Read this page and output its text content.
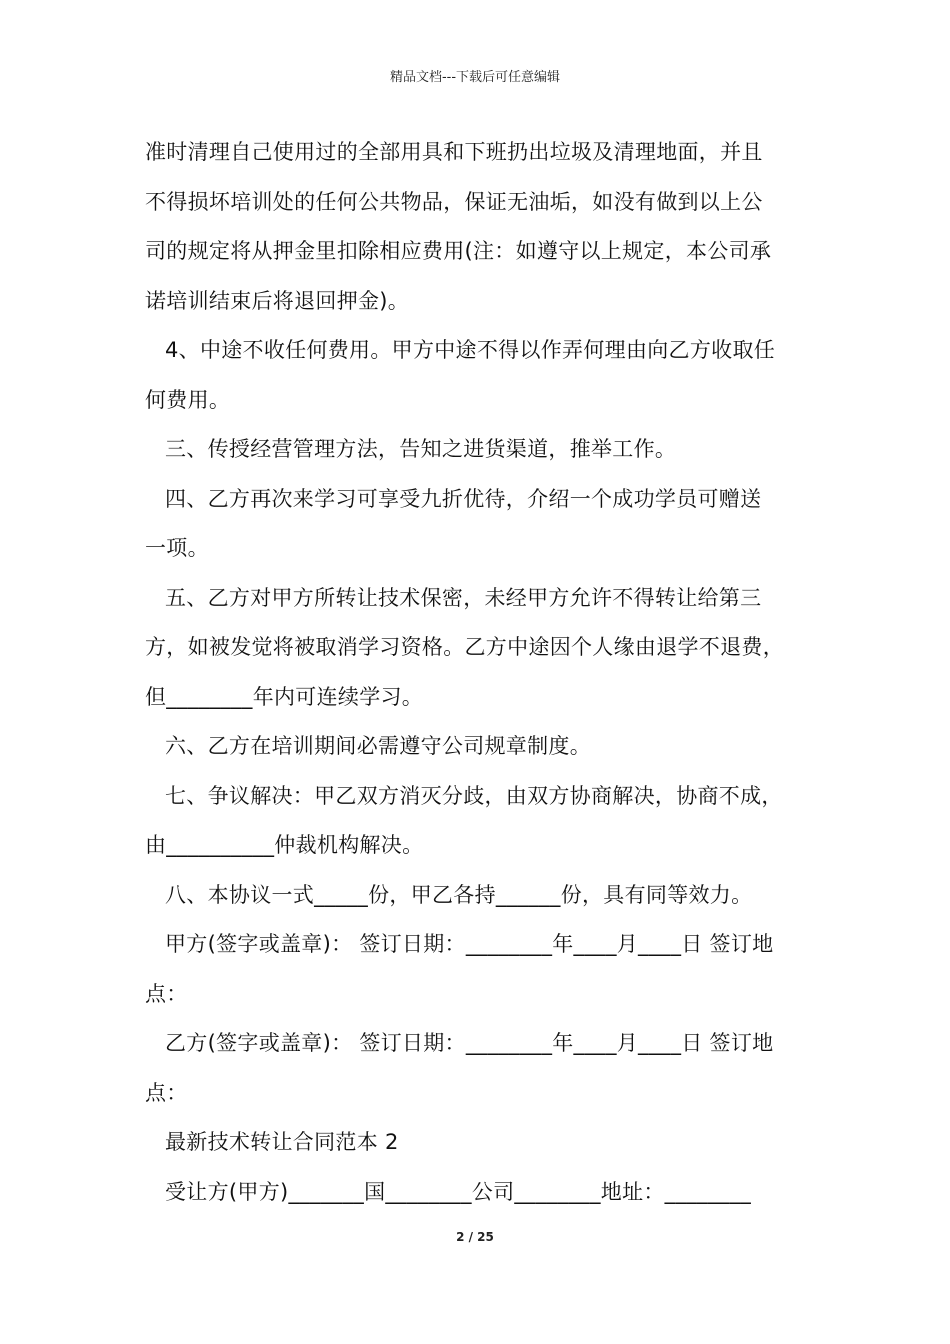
精品文档---下载后可任意编辑
准时清理自己使用过的全部用具和下班扔出垃圾及清理地面，并且
不得损坏培训处的任何公共物品，保证无油垢，如没有做到以上公
司的规定将从押金里扣除相应费用(注：如遵守以上规定，本公司承
诺培训结束后将退回押金)。
4、中途不收任何费用。甲方中途不得以作弄何理由向乙方收取任
何费用。
三、传授经营管理方法，告知之进货渠道，推举工作。
四、乙方再次来学习可享受九折优待，介绍一个成功学员可赠送
一项。
五、乙方对甲方所转让技术保密，未经甲方允许不得转让给第三
方，如被发觉将被取消学习资格。乙方中途因个人缘由退学不退费，
但________年内可连续学习。
六、乙方在培训期间必需遵守公司规章制度。
七、争议解决：甲乙双方消灭分歧，由双方协商解决，协商不成，
由__________仲裁机构解决。
八、本协议一式_____份，甲乙各持______份，具有同等效力。
甲方(签字或盖章)： 签订日期：________年____月____日 签订地
点：
乙方(签字或盖章)： 签订日期：________年____月____日 签订地
点：
最新技术转让合同范本 2
受让方(甲方)_______国________公司________地址：________
2 / 25
